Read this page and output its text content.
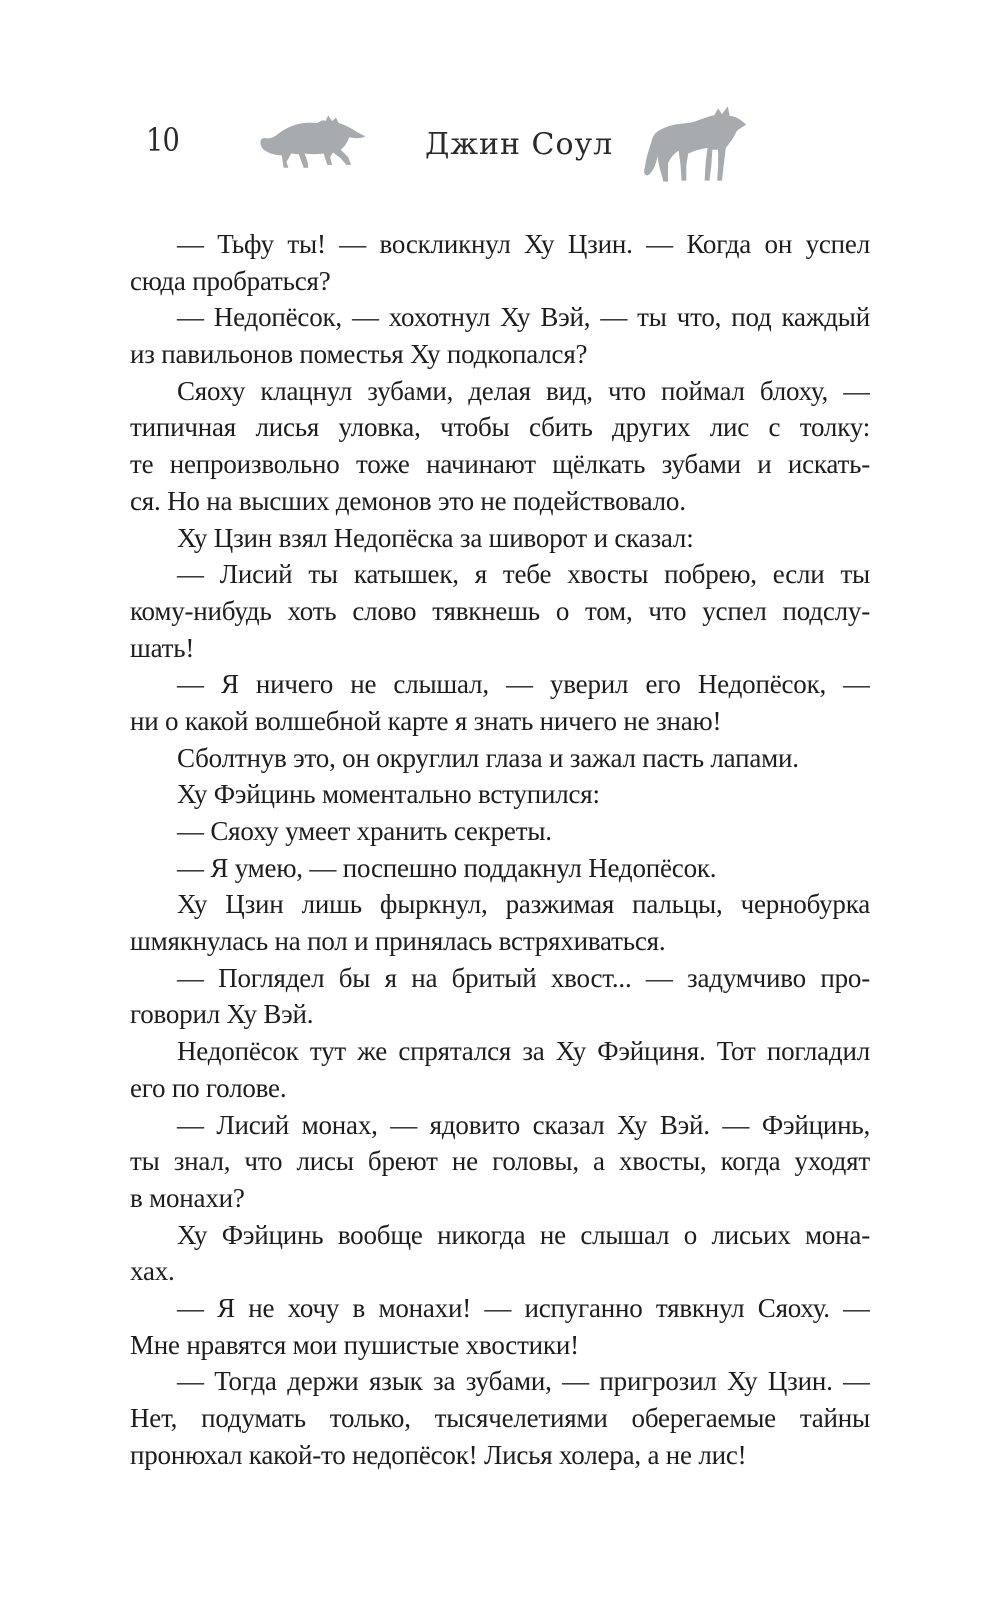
10	Джин Соул
— Тьфу ты! — воскликнул Ху Цзин. — Когда он успел
сюда пробраться?
— Недопёсок, — хохотнул Ху Вэй, — ты что, под каждый
из павильонов поместья Ху подкопался?
Сяоху клацнул зубами, делая вид, что поймал блоху, —
типичная лисья уловка, чтобы сбить других лис с толку:
те непроизвольно тоже начинают щёлкать зубами и искать-
ся. Но на высших демонов это не подействовало.
Ху Цзин взял Недопёска за шиворот и сказал:
— Лисий ты катышек, я тебе хвосты побрею, если ты
кому-нибудь хоть слово тявкнешь о том, что успел подслу-
шать!
— Я ничего не слышал, — уверил его Недопёсок, —
ни о какой волшебной карте я знать ничего не знаю!
Сболтнув это, он округлил глаза и зажал пасть лапами.
Ху Фэйцинь моментально вступился:
— Сяоху умеет хранить секреты.
— Я умею, — поспешно поддакнул Недопёсок.
Ху Цзин лишь фыркнул, разжимая пальцы, чернобурка
шмякнулась на пол и принялась встряхиваться.
— Поглядел бы я на бритый хвост... — задумчиво про-
говорил Ху Вэй.
Недопёсок тут же спрятался за Ху Фэйциня. Тот погладил
его по голове.
— Лисий монах, — ядовито сказал Ху Вэй. — Фэйцинь,
ты знал, что лисы бреют не головы, а хвосты, когда уходят
в монахи?
Ху Фэйцинь вообще никогда не слышал о лисьих мона-
хах.
— Я не хочу в монахи! — испуганно тявкнул Сяоху. —
Мне нравятся мои пушистые хвостики!
— Тогда держи язык за зубами, — пригрозил Ху Цзин. —
Нет, подумать только, тысячелетиями оберегаемые тайны
пронюхал какой-то недопёсок! Лисья холера, а не лис!
